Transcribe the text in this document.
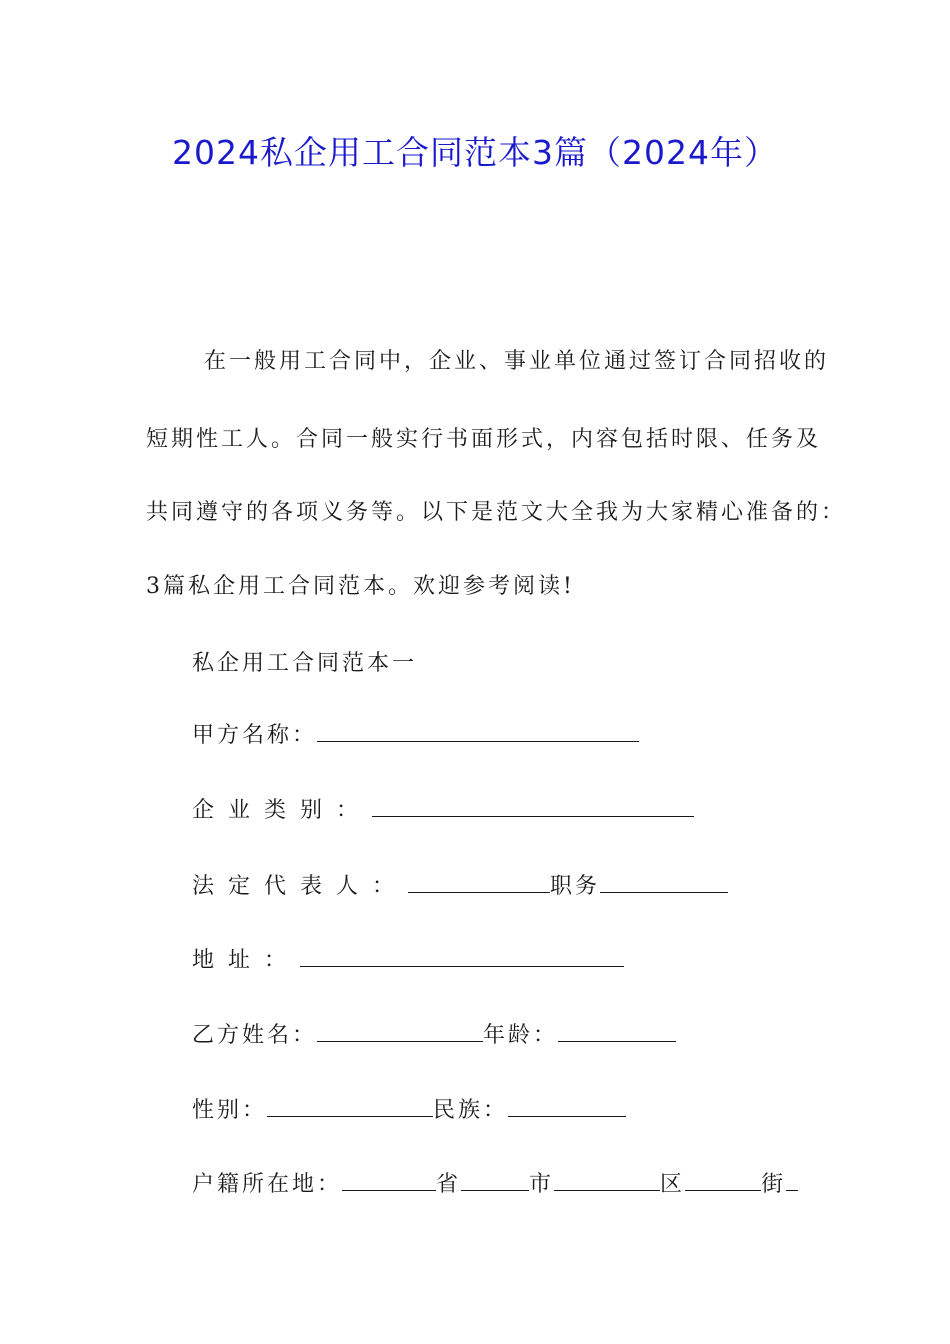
2024私企用工合同范本3篇（2024年）
在一般用工合同中，企业、事业单位通过签订合同招收的
短期性工人。合同一般实行书面形式，内容包括时限、任务及
共同遵守的各项义务等。以下是范文大全我为大家精心准备的：
3篇私企用工合同范本。欢迎参考阅读!
私企用工合同范本一
甲方名称：
企业类别：
法定代表人：	职务
地址：
乙方姓名：	年龄：
性别：	民族：
户籍所在地：	省	市	区	街
